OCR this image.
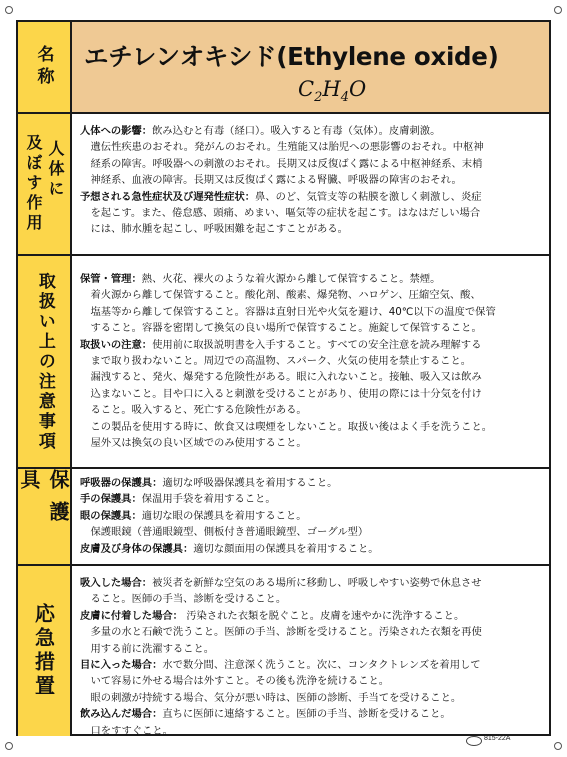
名称 エチレンオキシド(Ethylene oxide)
$C_2H_4O$
人体に
及ぼす作用

人体への影響：飲み込むと有毒（経口）。吸入すると有毒（気体）。皮膚刺激。

遺伝性疾患のおそれ。発がんのおそれ。生殖能又は胎児への悪影響のおそれ。中枢神

経系の障害。呼吸器への刺激のおそれ。長期又は反復ばく露による中枢神経系、末梢

神経系、血液の障害。長期又は反復ばく露による腎臓、呼吸器の障害のおそれ。

予想される急性症状及び遅発性症状：鼻、のど、気管支等の粘膜を激しく刺激し、炎症

を起こす。また、倦怠感、頭痛、めまい、嘔気等の症状を起こす。はなはだしい場合

には、肺水腫を起こし、呼吸困難を起こすことがある。

取扱い上の注意事項 保管・管理：熱、火花、裸火のような着火源から離して保管すること。禁煙。

着火源から離して保管すること。酸化剤、酸素、爆発物、ハロゲン、圧縮空気、酸、

塩基等から離して保管すること。容器は直射日光や火気を避け、40℃以下の温度で保管

すること。容器を密閉して換気の良い場所で保管すること。施錠して保管すること。

取扱いの注意：使用前に取扱説明書を入手すること。すべての安全注意を読み理解する

まで取り扱わないこと。周辺での高温物、スパーク、火気の使用を禁止すること。

漏洩すると、発火、爆発する危険性がある。眼に入れないこと。接触、吸入又は飲み

込まないこと。目や口に入ると刺激を受けることがあり、使用の際には十分気を付け

ること。吸入すると、死亡する危険性がある。

この製品を使用する時に、飲食又は喫煙をしないこと。取扱い後はよく手を洗うこと。

屋外又は換気の良い区域でのみ使用すること。

保護具	呼吸器の保護具：適切な呼吸器保護具を着用すること。

手の保護具：保温用手袋を着用すること。

眼の保護具：適切な眼の保護具を着用すること。

保護眼鏡（普通眼鏡型、側板付き普通眼鏡型、ゴーグル型）

皮膚及び身体の保護具：適切な顔面用の保護具を着用すること。

応急措置

吸入した場合：被災者を新鮮な空気のある場所に移動し、呼吸しやすい姿勢で休息させ

ること。医師の手当、診断を受けること。

皮膚に付着した場合： 汚染された衣類を脱ぐこと。皮膚を速やかに洗浄すること。

多量の水と石鹸で洗うこと。医師の手当、診断を受けること。汚染された衣類を再使

用する前に洗濯すること。

目に入った場合：水で数分間、注意深く洗うこと。次に、コンタクトレンズを着用して

いて容易に外せる場合は外すこと。その後も洗浄を続けること。

眼の刺激が持続する場合、気分が悪い時は、医師の診断、手当てを受けること。

飲み込んだ場合：直ちに医師に連絡すること。医師の手当、診断を受けること。

口をすすぐこと。

815-22A
